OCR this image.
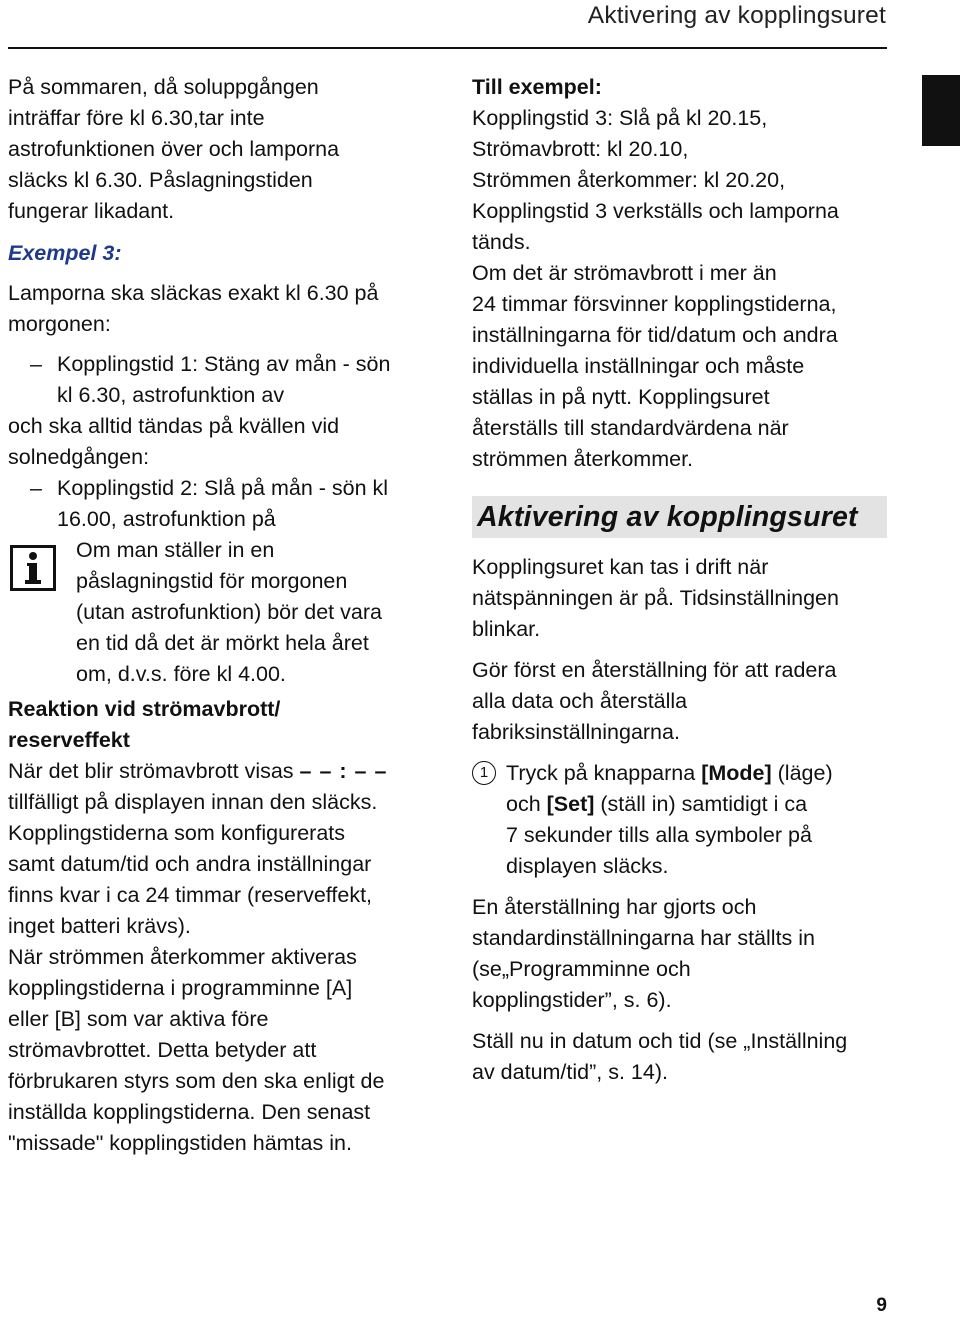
Aktivering av kopplingsuret

På sommaren, då soluppgången
inträffar före kl 6.30,tar inte
astrofunktionen över och lamporna
släcks kl 6.30. Påslagningstiden
fungerar likadant.

Exempel 3:

Lamporna ska släckas exakt kl 6.30 på
morgonen:

– Kopplingstid 1: Stäng av mån - sön
kl 6.30, astrofunktion av

och ska alltid tändas på kvällen vid
solnedgången:

– Kopplingstid 2: Slå på mån - sön kl
16.00, astrofunktion på
Om man ställer in en
påslagningstid för morgonen
(utan astrofunktion) bör det vara
en tid då det är mörkt hela året
om, d.v.s. före kl 4.00.

Reaktion vid strömavbrott/
reserveffekt

När det blir strömavbrott visas – – : – –
tillfälligt på displayen innan den släcks.
Kopplingstiderna som konfigurerats
samt datum/tid och andra inställningar
finns kvar i ca 24 timmar (reserveffekt,
inget batteri krävs).
När strömmen återkommer aktiveras
kopplingstiderna i programminne [A]
eller [B] som var aktiva före
strömavbrottet. Detta betyder att
förbrukaren styrs som den ska enligt de
inställda kopplingstiderna. Den senast
"missade" kopplingstiden hämtas in.

Till exempel:

Kopplingstid 3: Slå på kl 20.15,
Strömavbrott: kl 20.10,
Strömmen återkommer: kl 20.20,
Kopplingstid 3 verkställs och lamporna
tänds.
Om det är strömavbrott i mer än
24 timmar försvinner kopplingstiderna,
inställningarna för tid/datum och andra
individuella inställningar och måste
ställas in på nytt. Kopplingsuret
återställs till standardvärdena när
strömmen återkommer.

Aktivering av kopplingsuret

Kopplingsuret kan tas i drift när
nätspänningen är på. Tidsinställningen
blinkar.

Gör först en återställning för att radera
alla data och återställa
fabriksinställningarna.

1 Tryck på knapparna [Mode] (läge)
och [Set] (ställ in) samtidigt i ca
7 sekunder tills alla symboler på
displayen släcks.

En återställning har gjorts och
standardinställningarna har ställts in
(se„Programminne och
kopplingstider”, s. 6).

Ställ nu in datum och tid (se „Inställning
av datum/tid”, s. 14).

9
